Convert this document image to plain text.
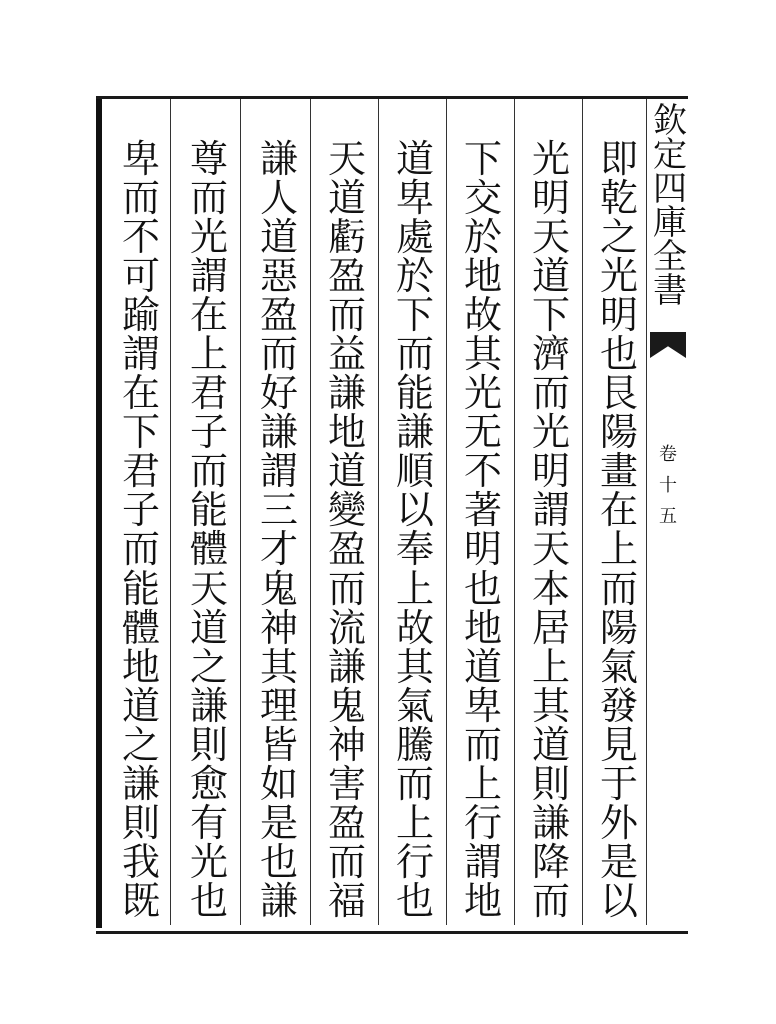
欽
定
四
庫
全
書
卷
十
五
即
乾
之
光
明
也
艮
陽
畫
在
上
而
陽
氣
發
見
于
外
是
以
光
明
天
道
下
濟
而
光
明
謂
天
本
居
上
其
道
則
謙
降
而
下
交
於
地
故
其
光
无
不
著
明
也
地
道
卑
而
上
行
謂
地
道
卑
處
於
下
而
能
謙
順
以
奉
上
故
其
氣
騰
而
上
行
也
天
道
虧
盈
而
益
謙
地
道
變
盈
而
流
謙
鬼
神
害
盈
而
福
謙
人
道
惡
盈
而
好
謙
謂
三
才
鬼
神
其
理
皆
如
是
也
謙
尊
而
光
謂
在
上
君
子
而
能
體
天
道
之
謙
則
愈
有
光
也
卑
而
不
可
踰
謂
在
下
君
子
而
能
體
地
道
之
謙
則
我
既
